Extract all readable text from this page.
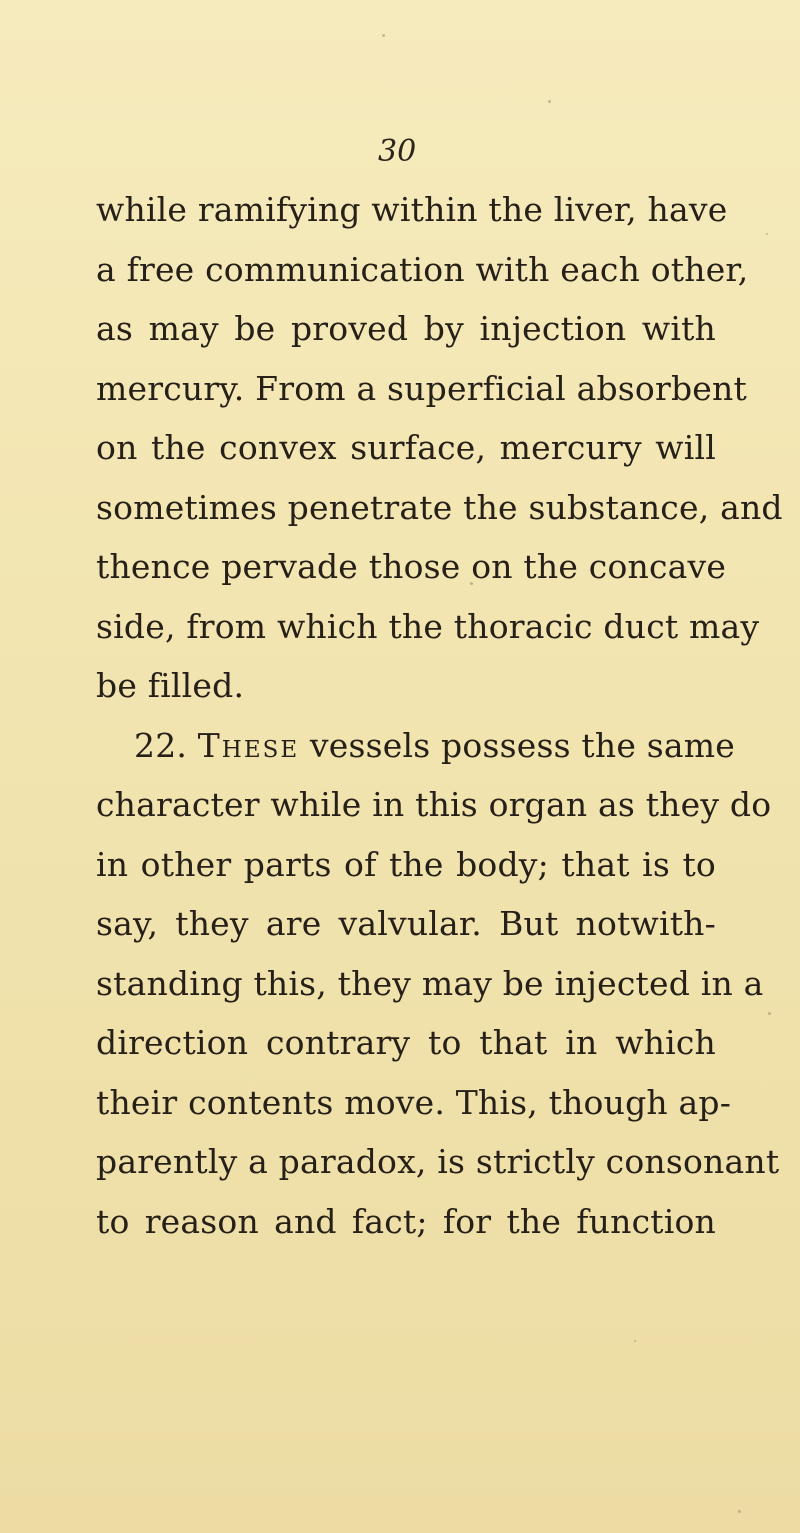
30
while ramifying within the liver, have
a free communication with each other,
as may be proved by injection with
mercury. From a superficial absorbent
on the convex surface, mercury will
sometimes penetrate the substance, and
thence pervade those on the concave
side, from which the thoracic duct may
be filled.
22. These vessels possess the same
character while in this organ as they do
in other parts of the body; that is to
say, they are valvular. But notwith-
standing this, they may be injected in a
direction contrary to that in which
their contents move. This, though ap-
parently a paradox, is strictly consonant
to reason and fact; for the function
